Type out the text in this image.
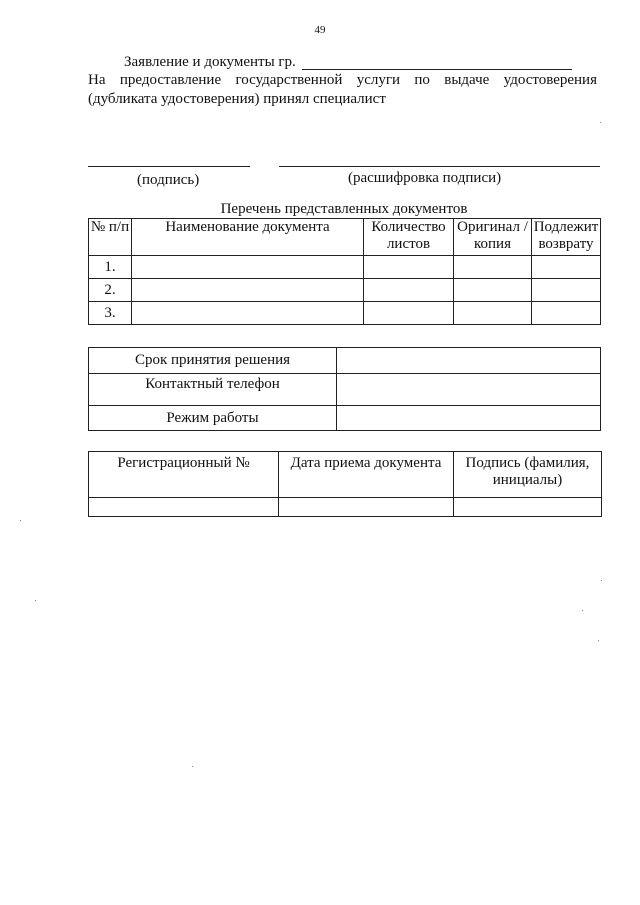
49
Заявление и документы гр.
На предоставление государственной услуги по выдаче удостоверения (дубликата удостоверения) принял специалист
(подпись)	(расшифровка подписи)
Перечень представленных документов
№ п/п	Наименование документа	Количество листов	Оригинал /копия	Подлежит возврату
1.				
2.				
3.				
Срок принятия решения	
Контактный телефон	
Режим работы	
Регистрационный №	Дата приема документа	Подпись (фамилия, инициалы)
